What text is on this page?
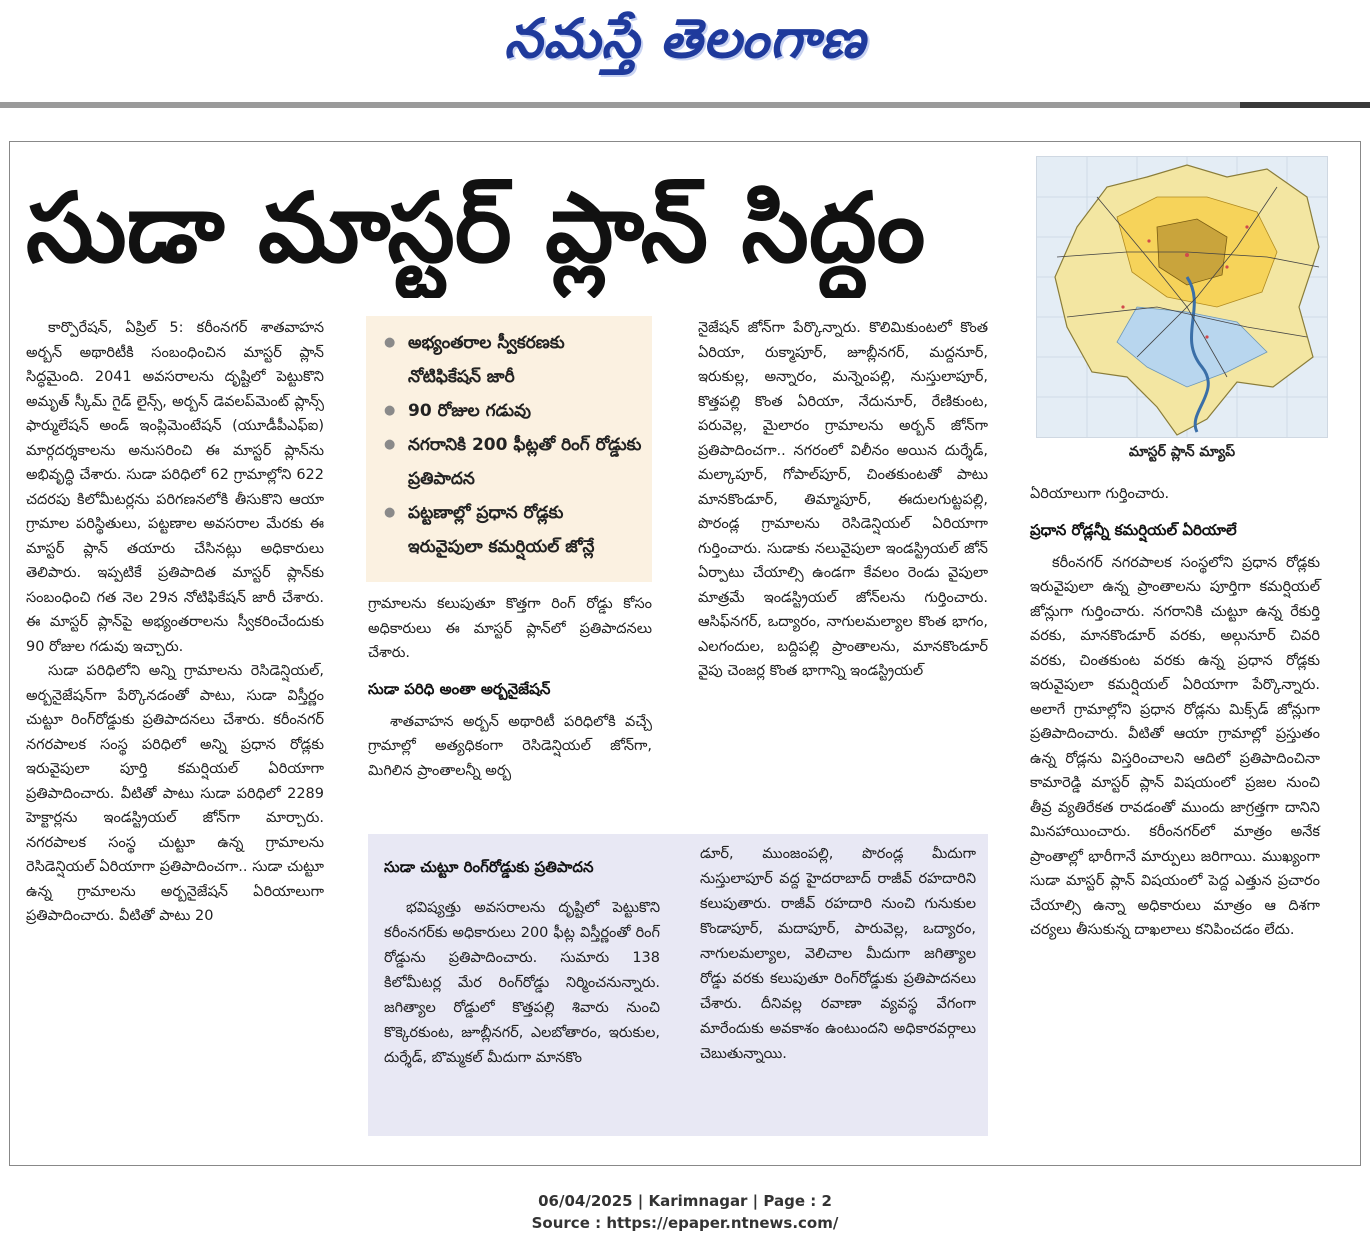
నమస్తే తెలంగాణ
సుడా మాస్టర్ ప్లాన్ సిద్ధం
మాస్టర్ ప్లాన్ మ్యాప్

కార్పొరేషన్, ఏప్రిల్ 5: కరీంనగర్ శాతవాహన అర్బన్ అథారిటీకి సంబంధించిన మాస్టర్ ప్లాన్ సిద్ధమైంది. 2041 అవసరాలను దృష్టిలో పెట్టుకొని అమృత్ స్కీమ్ గైడ్ లైన్స్, అర్బన్ డెవలప్‌మెంట్ ప్లాన్స్ ఫార్ములేషన్ అండ్ ఇంప్లిమెంటేషన్ (యూడీపీఎఫ్ఐ) మార్గదర్శకాలను అనుసరించి ఈ మాస్టర్ ప్లాన్‌ను అభివృద్ధి చేశారు. సుడా పరిధిలో 62 గ్రామాల్లోని 622 చదరపు కిలోమీటర్లను పరిగణనలోకి తీసుకొని ఆయా గ్రామాల పరిస్థితులు, పట్టణాల అవసరాల మేరకు ఈ మాస్టర్ ప్లాన్ తయారు చేసినట్లు అధికారులు తెలిపారు. ఇప్పటికే ప్రతిపాదిత మాస్టర్ ప్లాన్‌కు సంబంధించి గత నెల 29న నోటిఫికేషన్ జారీ చేశారు. ఈ మాస్టర్ ప్లాన్‌పై అభ్యంతరాలను స్వీకరించేందుకు 90 రోజుల గడువు ఇచ్చారు.

సుడా పరిధిలోని అన్ని గ్రామాలను రెసిడెన్షియల్, అర్బనైజేషన్‌గా పేర్కొనడంతో పాటు, సుడా విస్తీర్ణం చుట్టూ రింగ్‌రోడ్డుకు ప్రతిపాదనలు చేశారు. కరీంనగర్ నగరపాలక సంస్థ పరిధిలో అన్ని ప్రధాన రోడ్లకు ఇరువైపులా పూర్తి కమర్షియల్ ఏరియాగా ప్రతిపాదించారు. వీటితో పాటు సుడా పరిధిలో 2289 హెక్టార్లను ఇండస్ట్రియల్ జోన్‌గా మార్చారు. నగరపాలక సంస్థ చుట్టూ ఉన్న గ్రామాలను రెసిడెన్షియల్ ఏరియాగా ప్రతిపాదించగా.. సుడా చుట్టూ ఉన్న గ్రామాలను అర్బనైజేషన్ ఏరియాలుగా ప్రతిపాదించారు. వీటితో పాటు 20

● అభ్యంతరాల స్వీకరణకు నోటిఫికేషన్ జారీ
● 90 రోజుల గడువు
● నగరానికి 200 ఫీట్లతో రింగ్ రోడ్డుకు ప్రతిపాదన
● పట్టణాల్లో ప్రధాన రోడ్లకు ఇరువైపులా కమర్షియల్ జోన్లే

గ్రామాలను కలుపుతూ కొత్తగా రింగ్ రోడ్డు కోసం అధికారులు ఈ మాస్టర్ ప్లాన్‌లో ప్రతిపాదనలు చేశారు.

సుడా పరిధి అంతా అర్బనైజేషన్

శాతవాహన అర్బన్ అథారిటీ పరిధిలోకి వచ్చే గ్రామాల్లో అత్యధికంగా రెసిడెన్షియల్ జోన్‌గా, మిగిలిన ప్రాంతాలన్నీ అర్బ

నైజేషన్ జోన్‌గా పేర్కొన్నారు. కొలిమికుంటలో కొంత ఏరియా, రుక్మాపూర్, జూబ్లీనగర్, మద్దనూర్, ఇరుకుల్ల, అన్నారం, మన్నెంపల్లి, నుస్తులాపూర్, కొత్తపల్లి కొంత ఏరియా, నేదునూర్, రేణికుంట, పరువెల్ల, మైలారం గ్రామాలను అర్బన్ జోన్‌గా ప్రతిపాదించగా.. నగరంలో విలీనం అయిన దుర్శేడ్, మల్కాపూర్, గోపాల్‌పూర్, చింతకుంటతో పాటు మానకొండూర్, తిమ్మాపూర్, ఈదులగుట్టపల్లి, పొరండ్ల గ్రామాలను రెసిడెన్షియల్ ఏరియాగా గుర్తించారు. సుడాకు నలువైపులా ఇండస్ట్రియల్ జోన్ ఏర్పాటు చేయాల్సి ఉండగా కేవలం రెండు వైపులా మాత్రమే ఇండస్ట్రియల్ జోన్‌లను గుర్తించారు. ఆసిఫ్‌నగర్, ఒద్యారం, నాగులమల్యాల కొంత భాగం, ఎలగందుల, బద్దిపల్లి ప్రాంతాలను, మానకొండూర్ వైపు చెంజర్ల కొంత భాగాన్ని ఇండస్ట్రియల్

సుడా చుట్టూ రింగ్‌రోడ్డుకు ప్రతిపాదన

భవిష్యత్తు అవసరాలను దృష్టిలో పెట్టుకొని కరీంనగర్‌కు అధికారులు 200 ఫీట్ల విస్తీర్ణంతో రింగ్ రోడ్డును ప్రతిపాదించారు. సుమారు 138 కిలోమీటర్ల మేర రింగ్‌రోడ్డు నిర్మించనున్నారు. జగిత్యాల రోడ్డులో కొత్తపల్లి శివారు నుంచి కొక్కెరకుంట, జూబ్లీనగర్, ఎలబోతారం, ఇరుకుల, దుర్శేడ్, బొమ్మకల్ మీదుగా మానకొం

డూర్, ముంజంపల్లి, పొరండ్ల మీదుగా నుస్తులాపూర్ వద్ద హైదరాబాద్ రాజీవ్ రహదారిని కలుపుతారు. రాజీవ్ రహదారి నుంచి గునుకుల కొండాపూర్, మదాపూర్, పారువెల్ల, ఒద్యారం, నాగులమల్యాల, వెలిచాల మీదుగా జగిత్యాల రోడ్డు వరకు కలుపుతూ రింగ్‌రోడ్డుకు ప్రతిపాదనలు చేశారు. దీనివల్ల రవాణా వ్యవస్థ వేగంగా మారేందుకు అవకాశం ఉంటుందని అధికారవర్గాలు చెబుతున్నాయి.

ఏరియాలుగా గుర్తించారు.

ప్రధాన రోడ్లన్నీ కమర్షియల్ ఏరియాలే

కరీంనగర్ నగరపాలక సంస్థలోని ప్రధాన రోడ్లకు ఇరువైపులా ఉన్న ప్రాంతాలను పూర్తిగా కమర్షియల్ జోన్లుగా గుర్తించారు. నగరానికి చుట్టూ ఉన్న రేకుర్తి వరకు, మానకొండూర్ వరకు, అల్గునూర్ చివరి వరకు, చింతకుంట వరకు ఉన్న ప్రధాన రోడ్లకు ఇరువైపులా కమర్షియల్ ఏరియాగా పేర్కొన్నారు. అలాగే గ్రామాల్లోని ప్రధాన రోడ్లను మిక్స్‌డ్ జోన్లుగా ప్రతిపాదించారు. వీటితో ఆయా గ్రామాల్లో ప్రస్తుతం ఉన్న రోడ్లను విస్తరించాలని ఆదిలో ప్రతిపాదించినా కామారెడ్డి మాస్టర్ ప్లాన్ విషయంలో ప్రజల నుంచి తీవ్ర వ్యతిరేకత రావడంతో ముందు జాగ్రత్తగా దానిని మినహాయించారు. కరీంనగర్‌లో మాత్రం అనేక ప్రాంతాల్లో భారీగానే మార్పులు జరిగాయి. ముఖ్యంగా సుడా మాస్టర్ ప్లాన్ విషయంలో పెద్ద ఎత్తున ప్రచారం చేయాల్సి ఉన్నా అధికారులు మాత్రం ఆ దిశగా చర్యలు తీసుకున్న దాఖలాలు కనిపించడం లేదు.

06/04/2025 | Karimnagar | Page : 2
Source : https://epaper.ntnews.com/
